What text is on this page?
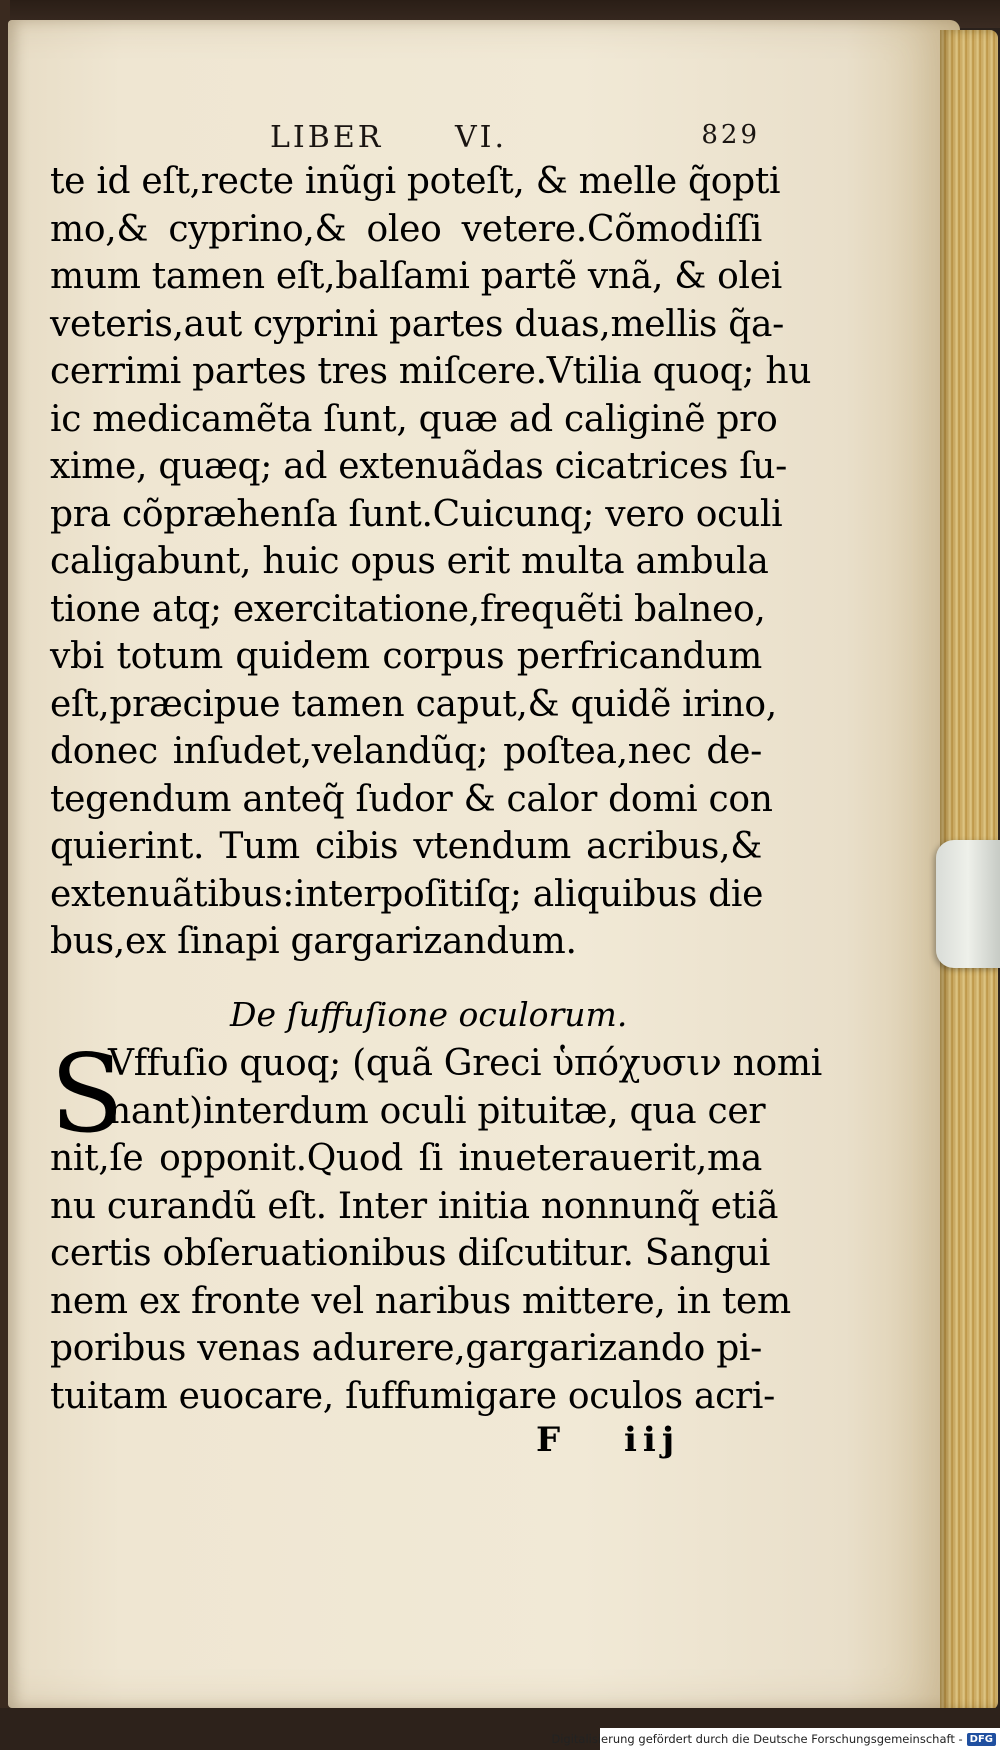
LIBER VI.	829
te id eſt,recte inũgi poteſt, & melle q̃opti
mo,& cyprino,& oleo vetere.Cõmodiſſi
mum tamen eſt,balſami partẽ vnã, & olei
veteris,aut cyprini partes duas,mellis q̃a-
cerrimi partes tres miſcere.Vtilia quoq; hu
ic medicamẽta ſunt, quæ ad caliginẽ pro
xime, quæq; ad extenuãdas cicatrices ſu-
pra cõpræhenſa ſunt.Cuicunq; vero oculi
caligabunt, huic opus erit multa ambula
tione atq; exercitatione,frequẽti balneo,
vbi totum quidem corpus perfricandum
eſt,præcipue tamen caput,& quidẽ irino,
donec inſudet,velandũq; poſtea,nec de-
tegendum anteq̃ ſudor & calor domi con
quierint. Tum cibis vtendum acribus,&
extenuãtibus:interpoſitiſq; aliquibus die
bus,ex ſinapi gargarizandum.
De ſuffuſione oculorum.
S
Vffuſio quoq; (quã Greci ὑπόχυσιν nomi
nant)interdum oculi pituitæ, qua cer
nit,ſe opponit.Quod ſi inueterauerit,ma
nu curandũ eſt. Inter initia nonnunq̃ etiã
certis obſeruationibus diſcutitur. Sangui
nem ex fronte vel naribus mittere, in tem
poribus venas adurere,gargarizando pi-
tuitam euocare, ſuffumigare oculos acri-
F iij
Digitalisierung gefördert durch die Deutsche Forschungsgemeinschaft - DFG
